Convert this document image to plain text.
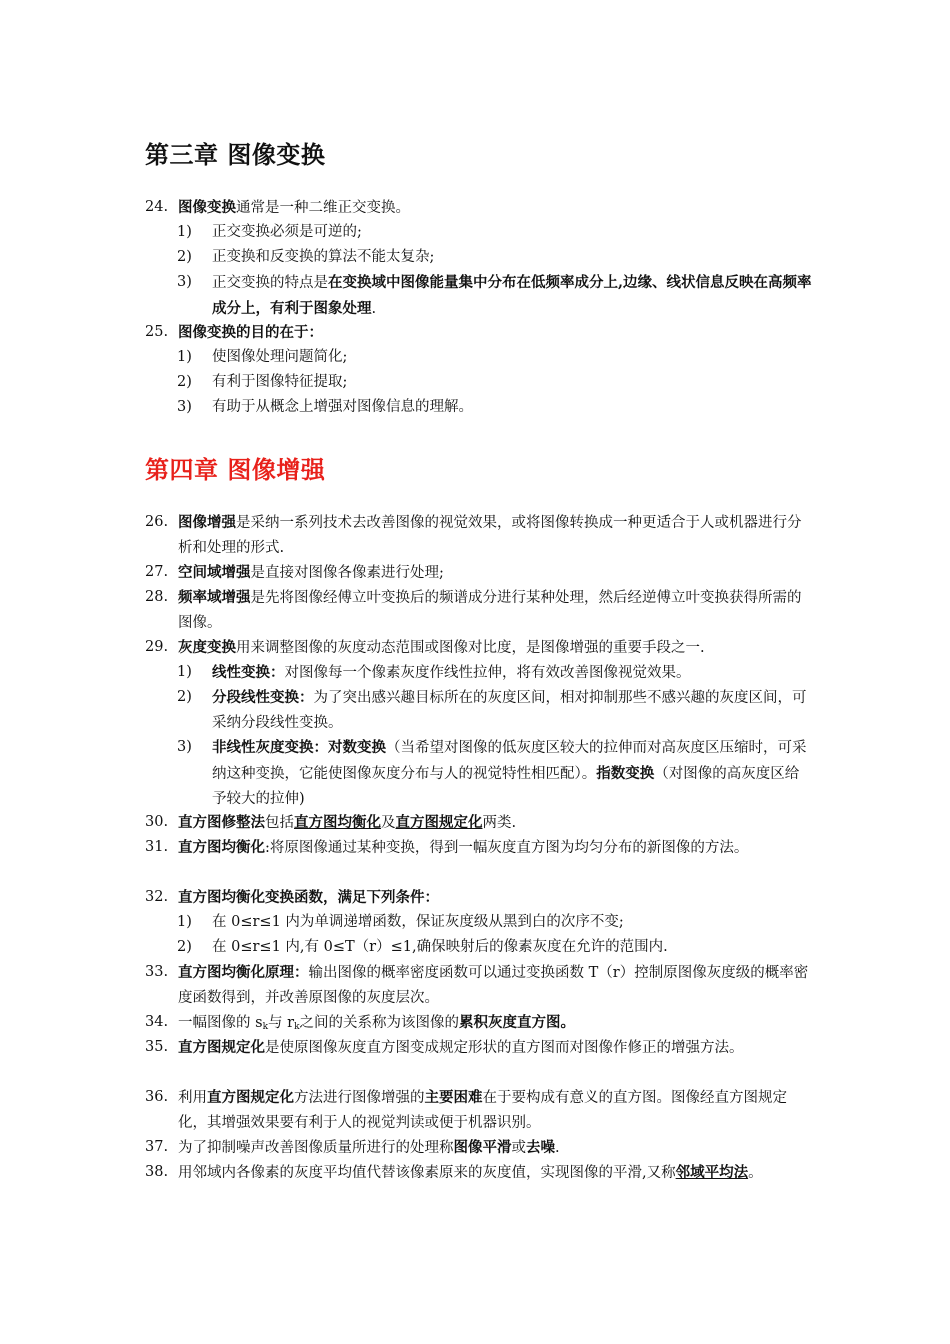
第三章 图像变换
24. 图像变换通常是一种二维正交变换。
1)	正交变换必须是可逆的;
2)	正变换和反变换的算法不能太复杂;
3)	正交变换的特点是在变换域中图像能量集中分布在低频率成分上,边缘、线状信息反映在高频率成分上，有利于图象处理.
25. 图像变换的目的在于：
1)	使图像处理问题简化;
2)	有利于图像特征提取;
3)	有助于从概念上增强对图像信息的理解。
第四章 图像增强
26. 图像增强是采纳一系列技术去改善图像的视觉效果，或将图像转换成一种更适合于人或机器进行分析和处理的形式.
27. 空间域增强是直接对图像各像素进行处理;
28. 频率域增强是先将图像经傅立叶变换后的频谱成分进行某种处理，然后经逆傅立叶变换获得所需的图像。
29. 灰度变换用来调整图像的灰度动态范围或图像对比度，是图像增强的重要手段之一.
1)	线性变换：对图像每一个像素灰度作线性拉伸，将有效改善图像视觉效果。
2)	分段线性变换：为了突出感兴趣目标所在的灰度区间，相对抑制那些不感兴趣的灰度区间，可采纳分段线性变换。
3)	非线性灰度变换：对数变换（当希望对图像的低灰度区较大的拉伸而对高灰度区压缩时，可采纳这种变换，它能使图像灰度分布与人的视觉特性相匹配）。指数变换（对图像的高灰度区给予较大的拉伸)
30. 直方图修整法包括直方图均衡化及直方图规定化两类.
31. 直方图均衡化:将原图像通过某种变换，得到一幅灰度直方图为均匀分布的新图像的方法。
32. 直方图均衡化变换函数，满足下列条件：
1)	在 0≤r≤1 内为单调递增函数，保证灰度级从黑到白的次序不变;
2)	在 0≤r≤1 内,有 0≤T（r）≤1,确保映射后的像素灰度在允许的范围内.
33. 直方图均衡化原理：输出图像的概率密度函数可以通过变换函数 T（r）控制原图像灰度级的概率密度函数得到，并改善原图像的灰度层次。
34. 一幅图像的 $s_k$与 $r_k$之间的关系称为该图像的累积灰度直方图。
35. 直方图规定化是使原图像灰度直方图变成规定形状的直方图而对图像作修正的增强方法。
36. 利用直方图规定化方法进行图像增强的主要困难在于要构成有意义的直方图。图像经直方图规定化，其增强效果要有利于人的视觉判读或便于机器识别。
37. 为了抑制噪声改善图像质量所进行的处理称图像平滑或去噪.
38. 用邻域内各像素的灰度平均值代替该像素原来的灰度值，实现图像的平滑,又称邻域平均法。
